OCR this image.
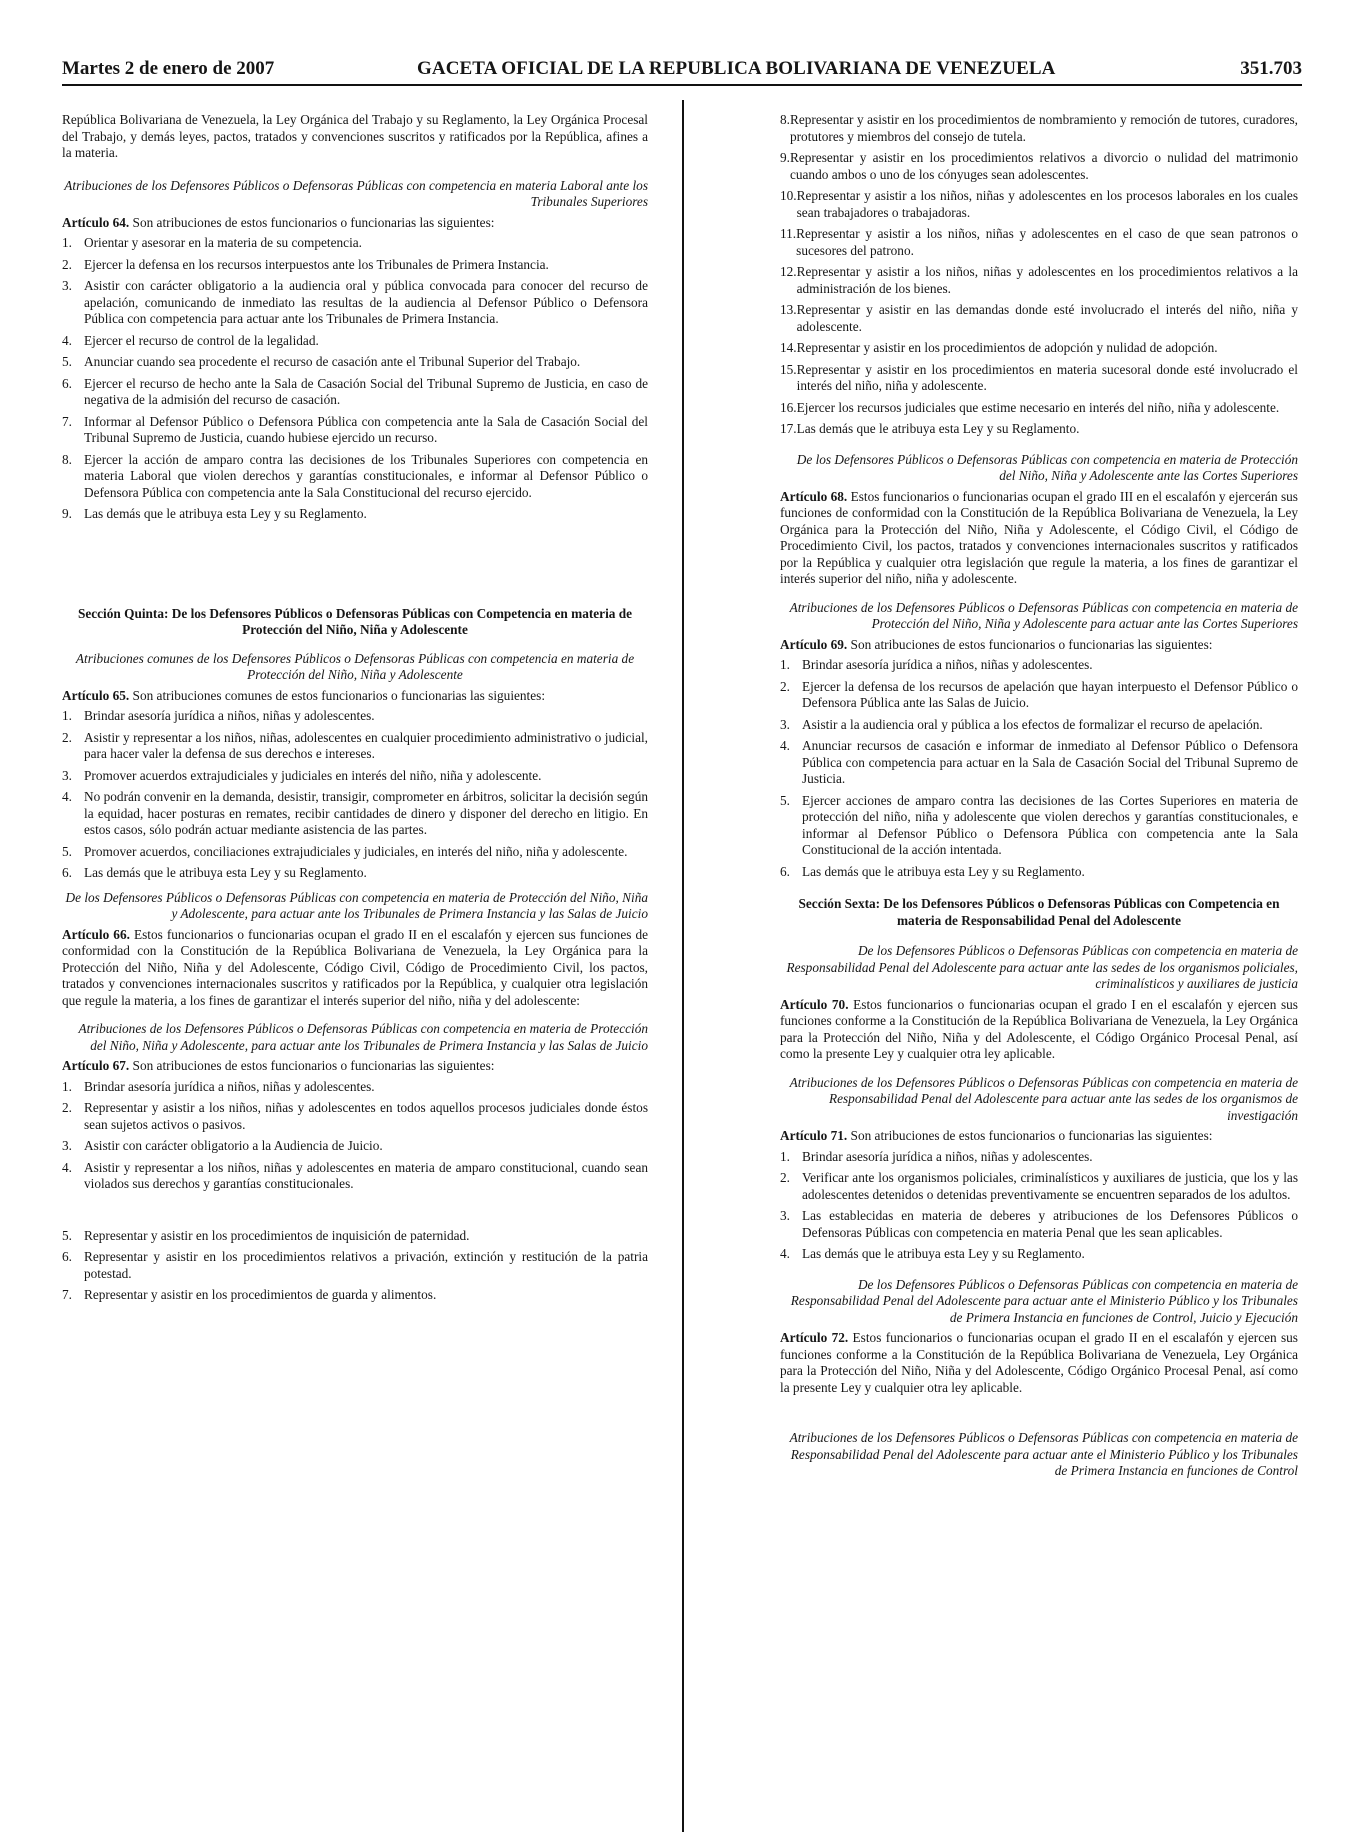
Martes 2 de enero de 2007	GACETA OFICIAL DE LA REPUBLICA BOLIVARIANA DE VENEZUELA	351.703

República Bolivariana de Venezuela, la Ley Orgánica del Trabajo y su Reglamento, la Ley Orgánica Procesal del Trabajo, y demás leyes, pactos, tratados y convenciones suscritos y ratificados por la República, afines a la materia.

Atribuciones de los Defensores Públicos o Defensoras Públicas con competencia en materia Laboral ante los Tribunales Superiores

Artículo 64. Son atribuciones de estos funcionarios o funcionarias las siguientes:

1. Orientar y asesorar en la materia de su competencia.
2. Ejercer la defensa en los recursos interpuestos ante los Tribunales de Primera Instancia.
3. Asistir con carácter obligatorio a la audiencia oral y pública convocada para conocer del recurso de apelación, comunicando de inmediato las resultas de la audiencia al Defensor Público o Defensora Pública con competencia para actuar ante los Tribunales de Primera Instancia.
4. Ejercer el recurso de control de la legalidad.
5. Anunciar cuando sea procedente el recurso de casación ante el Tribunal Superior del Trabajo.
6. Ejercer el recurso de hecho ante la Sala de Casación Social del Tribunal Supremo de Justicia, en caso de negativa de la admisión del recurso de casación.
7. Informar al Defensor Público o Defensora Pública con competencia ante la Sala de Casación Social del Tribunal Supremo de Justicia, cuando hubiese ejercido un recurso.
8. Ejercer la acción de amparo contra las decisiones de los Tribunales Superiores con competencia en materia Laboral que violen derechos y garantías constitucionales, e informar al Defensor Público o Defensora Pública con competencia ante la Sala Constitucional del recurso ejercido.
9. Las demás que le atribuya esta Ley y su Reglamento.

Sección Quinta: De los Defensores Públicos o Defensoras Públicas con Competencia en materia de Protección del Niño, Niña y Adolescente

Atribuciones comunes de los Defensores Públicos o Defensoras Públicas con competencia en materia de Protección del Niño, Niña y Adolescente

Artículo 65. Son atribuciones comunes de estos funcionarios o funcionarias las siguientes:

1. Brindar asesoría jurídica a niños, niñas y adolescentes.
2. Asistir y representar a los niños, niñas, adolescentes en cualquier procedimiento administrativo o judicial, para hacer valer la defensa de sus derechos e intereses.
3. Promover acuerdos extrajudiciales y judiciales en interés del niño, niña y adolescente.
4. No podrán convenir en la demanda, desistir, transigir, comprometer en árbitros, solicitar la decisión según la equidad, hacer posturas en remates, recibir cantidades de dinero y disponer del derecho en litigio. En estos casos, sólo podrán actuar mediante asistencia de las partes.
5. Promover acuerdos, conciliaciones extrajudiciales y judiciales, en interés del niño, niña y adolescente.
6. Las demás que le atribuya esta Ley y su Reglamento.

De los Defensores Públicos o Defensoras Públicas con competencia en materia de Protección del Niño, Niña y Adolescente, para actuar ante los Tribunales de Primera Instancia y las Salas de Juicio

Artículo 66. Estos funcionarios o funcionarias ocupan el grado II en el escalafón y ejercen sus funciones de conformidad con la Constitución de la República Bolivariana de Venezuela, la Ley Orgánica para la Protección del Niño, Niña y del Adolescente, Código Civil, Código de Procedimiento Civil, los pactos, tratados y convenciones internacionales suscritos y ratificados por la República, y cualquier otra legislación que regule la materia, a los fines de garantizar el interés superior del niño, niña y del adolescente:

Atribuciones de los Defensores Públicos o Defensoras Públicas con competencia en materia de Protección del Niño, Niña y Adolescente, para actuar ante los Tribunales de Primera Instancia y las Salas de Juicio

Artículo 67. Son atribuciones de estos funcionarios o funcionarias las siguientes:

1. Brindar asesoría jurídica a niños, niñas y adolescentes.
2. Representar y asistir a los niños, niñas y adolescentes en todos aquellos procesos judiciales donde éstos sean sujetos activos o pasivos.
3. Asistir con carácter obligatorio a la Audiencia de Juicio.
4. Asistir y representar a los niños, niñas y adolescentes en materia de amparo constitucional, cuando sean violados sus derechos y garantías constitucionales.
5. Representar y asistir en los procedimientos de inquisición de paternidad.
6. Representar y asistir en los procedimientos relativos a privación, extinción y restitución de la patria potestad.
7. Representar y asistir en los procedimientos de guarda y alimentos.
8. Representar y asistir en los procedimientos de nombramiento y remoción de tutores, curadores, protutores y miembros del consejo de tutela.
9. Representar y asistir en los procedimientos relativos a divorcio o nulidad del matrimonio cuando ambos o uno de los cónyuges sean adolescentes.
10. Representar y asistir a los niños, niñas y adolescentes en los procesos laborales en los cuales sean trabajadores o trabajadoras.
11. Representar y asistir a los niños, niñas y adolescentes en el caso de que sean patronos o sucesores del patrono.
12. Representar y asistir a los niños, niñas y adolescentes en los procedimientos relativos a la administración de los bienes.
13. Representar y asistir en las demandas donde esté involucrado el interés del niño, niña y adolescente.
14. Representar y asistir en los procedimientos de adopción y nulidad de adopción.
15. Representar y asistir en los procedimientos en materia sucesoral donde esté involucrado el interés del niño, niña y adolescente.
16. Ejercer los recursos judiciales que estime necesario en interés del niño, niña y adolescente.
17. Las demás que le atribuya esta Ley y su Reglamento.

De los Defensores Públicos o Defensoras Públicas con competencia en materia de Protección del Niño, Niña y Adolescente ante las Cortes Superiores

Artículo 68. Estos funcionarios o funcionarias ocupan el grado III en el escalafón y ejercerán sus funciones de conformidad con la Constitución de la República Bolivariana de Venezuela, la Ley Orgánica para la Protección del Niño, Niña y Adolescente, el Código Civil, el Código de Procedimiento Civil, los pactos, tratados y convenciones internacionales suscritos y ratificados por la República y cualquier otra legislación que regule la materia, a los fines de garantizar el interés superior del niño, niña y adolescente.

Atribuciones de los Defensores Públicos o Defensoras Públicas con competencia en materia de Protección del Niño, Niña y Adolescente para actuar ante las Cortes Superiores

Artículo 69. Son atribuciones de estos funcionarios o funcionarias las siguientes:

1. Brindar asesoría jurídica a niños, niñas y adolescentes.
2. Ejercer la defensa de los recursos de apelación que hayan interpuesto el Defensor Público o Defensora Pública ante las Salas de Juicio.
3. Asistir a la audiencia oral y pública a los efectos de formalizar el recurso de apelación.
4. Anunciar recursos de casación e informar de inmediato al Defensor Público o Defensora Pública con competencia para actuar en la Sala de Casación Social del Tribunal Supremo de Justicia.
5. Ejercer acciones de amparo contra las decisiones de las Cortes Superiores en materia de protección del niño, niña y adolescente que violen derechos y garantías constitucionales, e informar al Defensor Público o Defensora Pública con competencia ante la Sala Constitucional de la acción intentada.
6. Las demás que le atribuya esta Ley y su Reglamento.

Sección Sexta: De los Defensores Públicos o Defensoras Públicas con Competencia en materia de Responsabilidad Penal del Adolescente

De los Defensores Públicos o Defensoras Públicas con competencia en materia de Responsabilidad Penal del Adolescente para actuar ante las sedes de los organismos policiales, criminalísticos y auxiliares de justicia

Artículo 70. Estos funcionarios o funcionarias ocupan el grado I en el escalafón y ejercen sus funciones conforme a la Constitución de la República Bolivariana de Venezuela, la Ley Orgánica para la Protección del Niño, Niña y del Adolescente, el Código Orgánico Procesal Penal, así como la presente Ley y cualquier otra ley aplicable.

Atribuciones de los Defensores Públicos o Defensoras Públicas con competencia en materia de Responsabilidad Penal del Adolescente para actuar ante las sedes de los organismos de investigación

Artículo 71. Son atribuciones de estos funcionarios o funcionarias las siguientes:

1. Brindar asesoría jurídica a niños, niñas y adolescentes.
2. Verificar ante los organismos policiales, criminalísticos y auxiliares de justicia, que los y las adolescentes detenidos o detenidas preventivamente se encuentren separados de los adultos.
3. Las establecidas en materia de deberes y atribuciones de los Defensores Públicos o Defensoras Públicas con competencia en materia Penal que les sean aplicables.
4. Las demás que le atribuya esta Ley y su Reglamento.

De los Defensores Públicos o Defensoras Públicas con competencia en materia de Responsabilidad Penal del Adolescente para actuar ante el Ministerio Público y los Tribunales de Primera Instancia en funciones de Control, Juicio y Ejecución

Artículo 72. Estos funcionarios o funcionarias ocupan el grado II en el escalafón y ejercen sus funciones conforme a la Constitución de la República Bolivariana de Venezuela, Ley Orgánica para la Protección del Niño, Niña y del Adolescente, Código Orgánico Procesal Penal, así como la presente Ley y cualquier otra ley aplicable.

Atribuciones de los Defensores Públicos o Defensoras Públicas con competencia en materia de Responsabilidad Penal del Adolescente para actuar ante el Ministerio Público y los Tribunales de Primera Instancia en funciones de Control
